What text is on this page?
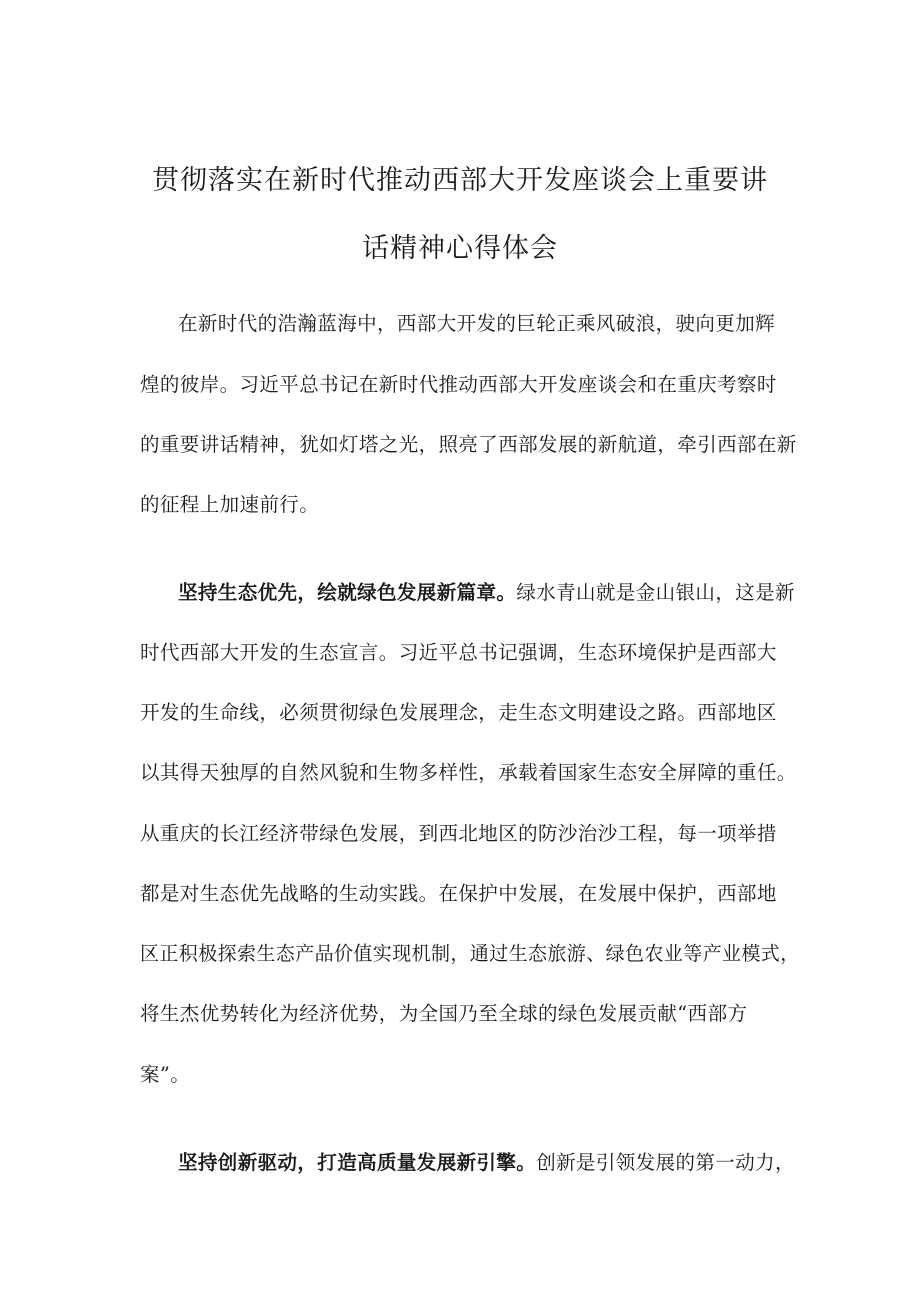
贯彻落实在新时代推动西部大开发座谈会上重要讲
话精神心得体会
在新时代的浩瀚蓝海中，西部大开发的巨轮正乘风破浪，驶向更加辉
煌的彼岸。习近平总书记在新时代推动西部大开发座谈会和在重庆考察时
的重要讲话精神，犹如灯塔之光，照亮了西部发展的新航道，牵引西部在新
的征程上加速前行。
坚持生态优先，绘就绿色发展新篇章。绿水青山就是金山银山，这是新
时代西部大开发的生态宣言。习近平总书记强调，生态环境保护是西部大
开发的生命线，必须贯彻绿色发展理念，走生态文明建设之路。西部地区
以其得天独厚的自然风貌和生物多样性，承载着国家生态安全屏障的重任。
从重庆的长江经济带绿色发展，到西北地区的防沙治沙工程，每一项举措
都是对生态优先战略的生动实践。在保护中发展，在发展中保护，西部地
区正积极探索生态产品价值实现机制，通过生态旅游、绿色农业等产业模式，
将生杰优势转化为经济优势，为全国乃至全球的绿色发展贡献“西部方
案”。
坚持创新驱动，打造高质量发展新引擎。创新是引领发展的第一动力，
